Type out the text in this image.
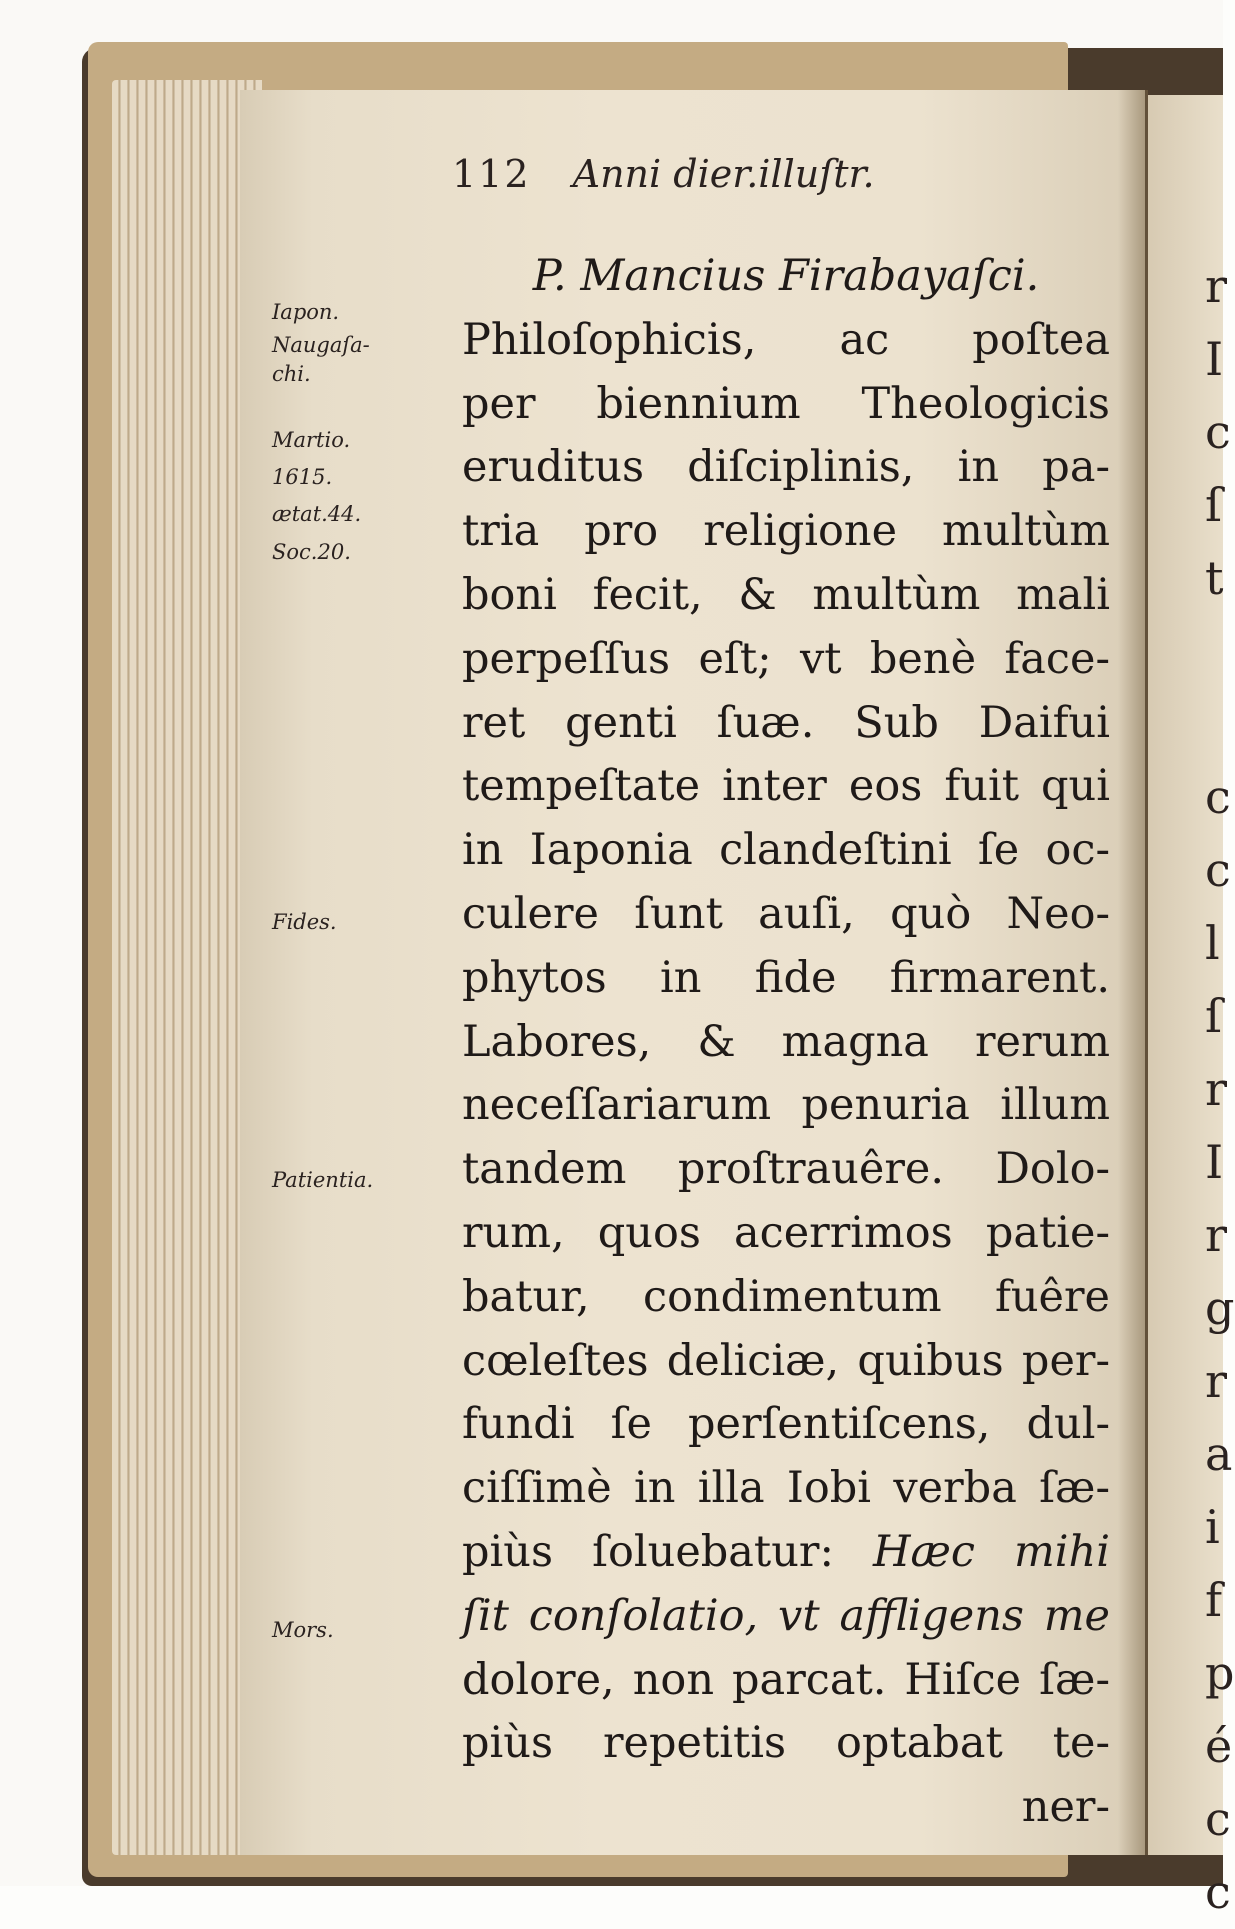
r
I
c
ſ
t

c
c
l
ſ
r
I
r
g
r
a
i
f
p
é
c
c
112 Anni dier.illuſtr.
Iapon.
Naugaſa-
chi.
Martio.
1615.
ætat.44.
Soc.20.
Fides.
Patientia.
Mors.
P. Mancius Firabayaſci.
Philoſophicis, ac poſtea
per biennium Theologicis
eruditus diſciplinis, in pa-
tria pro religione multùm
boni fecit, & multùm mali
perpeſſus eſt; vt benè face-
ret genti ſuæ. Sub Daifui
tempeſtate inter eos fuit qui
in Iaponia clandeſtini ſe oc-
culere ſunt auſi, quò Neo-
phytos in fide firmarent.
Labores, & magna rerum
neceſſariarum penuria illum
tandem proſtrauêre. Dolo-
rum, quos acerrimos patie-
batur, condimentum fuêre
cœleſtes deliciæ, quibus per-
fundi ſe perſentiſcens, dul-
ciſſimè in illa Iobi verba ſæ-
piùs ſoluebatur: Hæc mihi
ſit conſolatio, vt affligens me
dolore, non parcat. Hiſce ſæ-
piùs repetitis optabat te-
ner-
